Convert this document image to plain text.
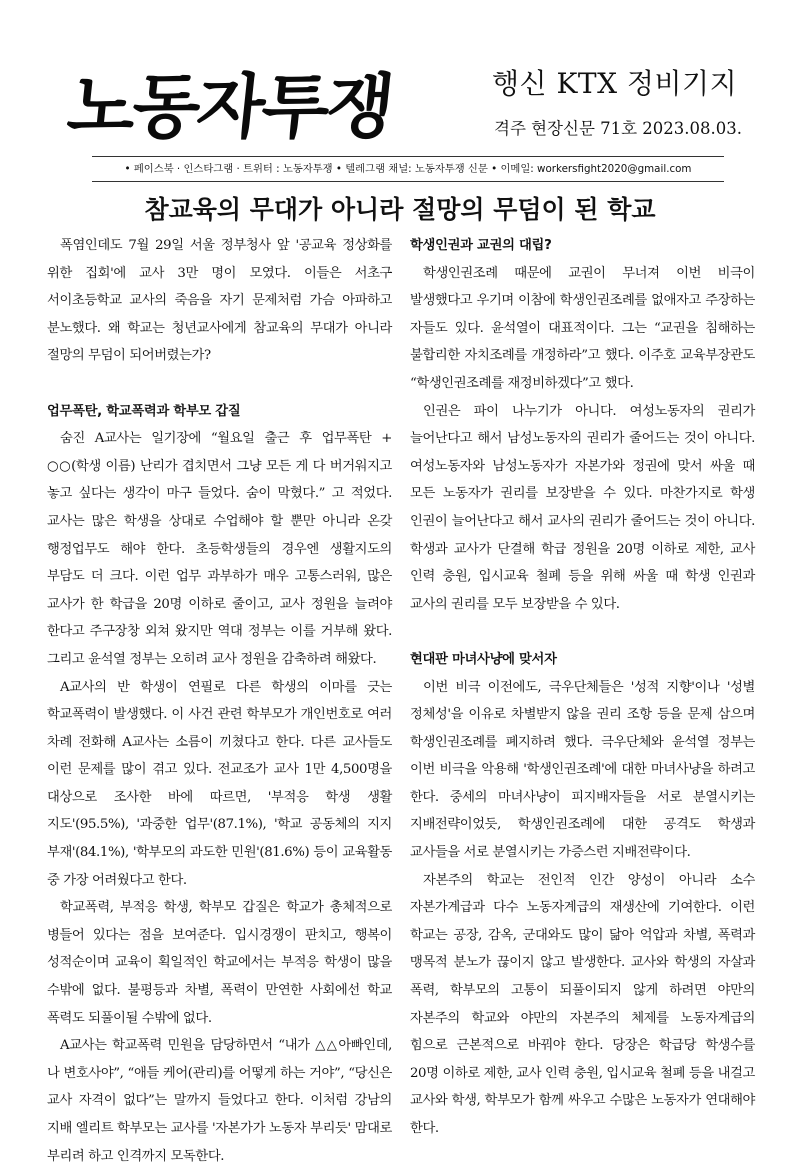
노동자투쟁	행신 KTX 정비기지
격주 현장신문 71호 2023.08.03.
• 페이스북 · 인스타그램 · 트위터 : 노동자투쟁 • 텔레그램 채널: 노동자투쟁 신문 • 이메일: workersfight2020@gmail.com
참교육의 무대가 아니라 절망의 무덤이 된 학교

폭염인데도 7월 29일 서울 정부청사 앞 '공교육 정상화를 위한 집회'에 교사 3만 명이 모였다. 이들은 서초구 서이초등학교 교사의 죽음을 자기 문제처럼 가슴 아파하고 분노했다. 왜 학교는 청년교사에게 참교육의 무대가 아니라 절망의 무덤이 되어버렸는가?

업무폭탄, 학교폭력과 학부모 갑질

숨진 A교사는 일기장에 “월요일 출근 후 업무폭탄 + ○○(학생 이름) 난리가 겹치면서 그냥 모든 게 다 버거워지고 놓고 싶다는 생각이 마구 들었다. 숨이 막혔다.” 고 적었다. 교사는 많은 학생을 상대로 수업해야 할 뿐만 아니라 온갖 행정업무도 해야 한다. 초등학생들의 경우엔 생활지도의 부담도 더 크다. 이런 업무 과부하가 매우 고통스러워, 많은 교사가 한 학급을 20명 이하로 줄이고, 교사 정원을 늘려야 한다고 주구장창 외쳐 왔지만 역대 정부는 이를 거부해 왔다. 그리고 윤석열 정부는 오히려 교사 정원을 감축하려 해왔다.

A교사의 반 학생이 연필로 다른 학생의 이마를 긋는 학교폭력이 발생했다. 이 사건 관련 학부모가 개인번호로 여러 차례 전화해 A교사는 소름이 끼쳤다고 한다. 다른 교사들도 이런 문제를 많이 겪고 있다. 전교조가 교사 1만 4,500명을 대상으로 조사한 바에 따르면, '부적응 학생 생활 지도'(95.5%), '과중한 업무'(87.1%), '학교 공동체의 지지 부재'(84.1%), '학부모의 과도한 민원'(81.6%) 등이 교육활동 중 가장 어려웠다고 한다.

학교폭력, 부적응 학생, 학부모 갑질은 학교가 총체적으로 병들어 있다는 점을 보여준다. 입시경쟁이 판치고, 행복이 성적순이며 교육이 획일적인 학교에서는 부적응 학생이 많을 수밖에 없다. 불평등과 차별, 폭력이 만연한 사회에선 학교 폭력도 되풀이될 수밖에 없다.

A교사는 학교폭력 민원을 담당하면서 “내가 △△아빠인데, 나 변호사야”, “애들 케어(관리)를 어떻게 하는 거야”, “당신은 교사 자격이 없다”는 말까지 들었다고 한다. 이처럼 강남의 지배 엘리트 학부모는 교사를 '자본가가 노동자 부리듯' 맘대로 부리려 하고 인격까지 모독한다.

학생인권과 교권의 대립?

학생인권조례 때문에 교권이 무너져 이번 비극이 발생했다고 우기며 이참에 학생인권조례를 없애자고 주장하는 자들도 있다. 윤석열이 대표적이다. 그는 “교권을 침해하는 불합리한 자치조례를 개정하라”고 했다. 이주호 교육부장관도 “학생인권조례를 재정비하겠다”고 했다.

인권은 파이 나누기가 아니다. 여성노동자의 권리가 늘어난다고 해서 남성노동자의 권리가 줄어드는 것이 아니다. 여성노동자와 남성노동자가 자본가와 정권에 맞서 싸울 때 모든 노동자가 권리를 보장받을 수 있다. 마찬가지로 학생 인권이 늘어난다고 해서 교사의 권리가 줄어드는 것이 아니다. 학생과 교사가 단결해 학급 정원을 20명 이하로 제한, 교사 인력 충원, 입시교육 철폐 등을 위해 싸울 때 학생 인권과 교사의 권리를 모두 보장받을 수 있다.

현대판 마녀사냥에 맞서자

이번 비극 이전에도, 극우단체들은 '성적 지향'이나 '성별 정체성'을 이유로 차별받지 않을 권리 조항 등을 문제 삼으며 학생인권조례를 폐지하려 했다. 극우단체와 윤석열 정부는 이번 비극을 악용해 '학생인권조례'에 대한 마녀사냥을 하려고 한다. 중세의 마녀사냥이 피지배자들을 서로 분열시키는 지배전략이었듯, 학생인권조례에 대한 공격도 학생과 교사들을 서로 분열시키는 가증스런 지배전략이다.

자본주의 학교는 전인적 인간 양성이 아니라 소수 자본가계급과 다수 노동자계급의 재생산에 기여한다. 이런 학교는 공장, 감옥, 군대와도 많이 닮아 억압과 차별, 폭력과 맹목적 분노가 끊이지 않고 발생한다. 교사와 학생의 자살과 폭력, 학부모의 고통이 되풀이되지 않게 하려면 야만의 자본주의 학교와 야만의 자본주의 체제를 노동자계급의 힘으로 근본적으로 바꿔야 한다. 당장은 학급당 학생수를 20명 이하로 제한, 교사 인력 충원, 입시교육 철폐 등을 내걸고 교사와 학생, 학부모가 함께 싸우고 수많은 노동자가 연대해야 한다.
